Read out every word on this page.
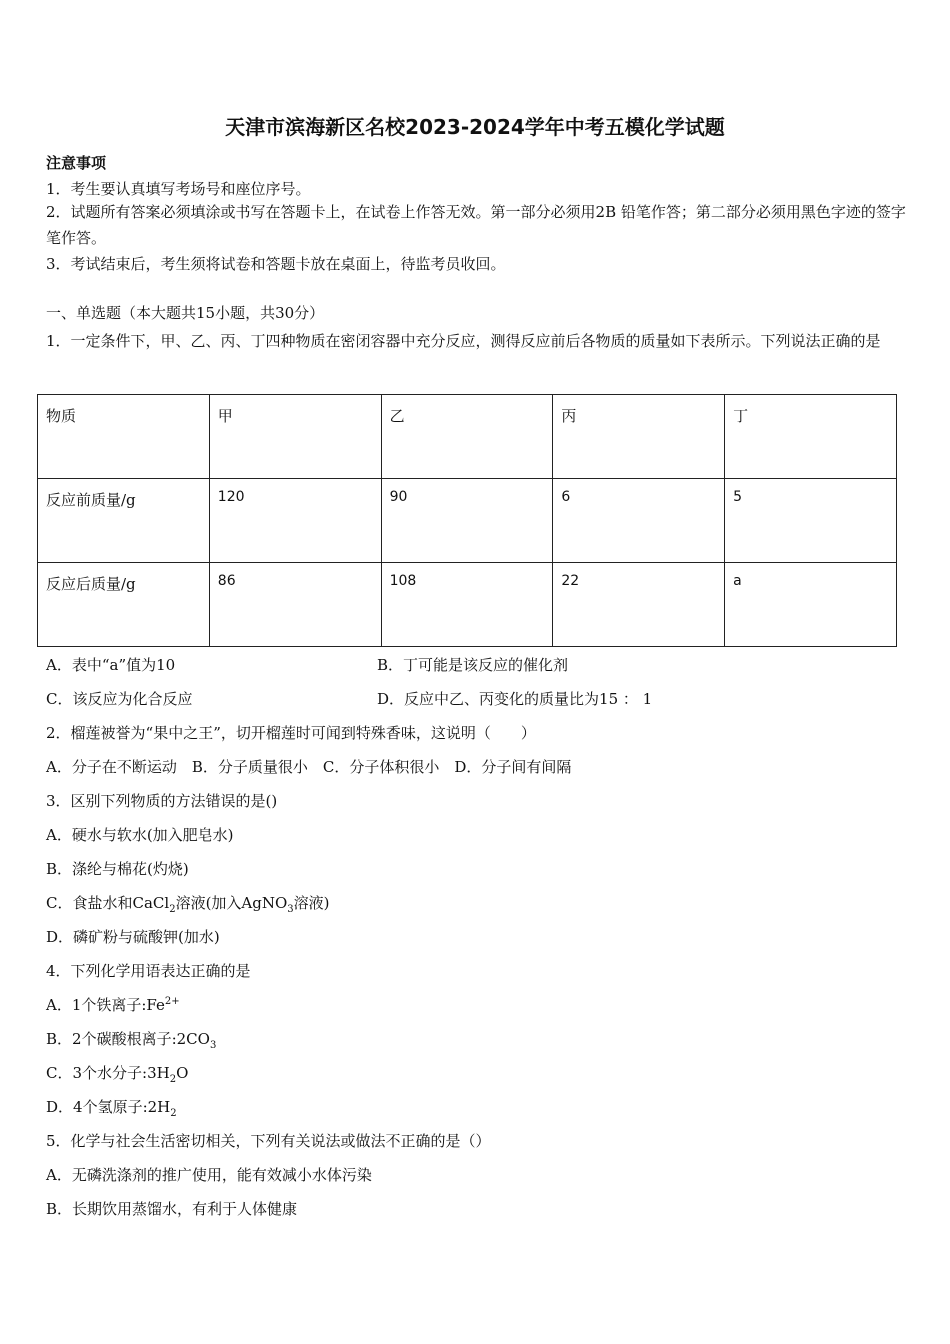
天津市滨海新区名校2023-2024学年中考五模化学试题
注意事项
1．考生要认真填写考场号和座位序号。
2．试题所有答案必须填涂或书写在答题卡上，在试卷上作答无效。第一部分必须用2B 铅笔作答；第二部分必须用黑色字迹的签字笔作答。
3．考试结束后，考生须将试卷和答题卡放在桌面上，待监考员收回。
一、单选题（本大题共15小题，共30分）
1．一定条件下，甲、乙、丙、丁四种物质在密闭容器中充分反应，测得反应前后各物质的质量如下表所示。下列说法正确的是
物质	甲	乙	丙	丁
反应前质量/g	120	90	6	5
反应后质量/g	86	108	22	a
A．表中“a”值为10	B．丁可能是该反应的催化剂
C．该反应为化合反应	D．反应中乙、丙变化的质量比为15 ： 1
2．榴莲被誉为“果中之王”，切开榴莲时可闻到特殊香味，这说明（　　）
A．分子在不断运动　B．分子质量很小　C．分子体积很小　D．分子间有间隔
3．区别下列物质的方法错误的是()
A．硬水与软水(加入肥皂水)
B．涤纶与棉花(灼烧)
C．食盐水和CaCl$_2$溶液(加入AgNO$_3$溶液)
D．磷矿粉与硫酸钾(加水)
4．下列化学用语表达正确的是
A．1个铁离子$:Fe^{2+}$
B．2个碳酸根离子$:2CO_3$
C．3个水分子$:3H_2O$
D．4个氢原子$:2H_2$
5．化学与社会生活密切相关，下列有关说法或做法不正确的是（）
A．无磷洗涤剂的推广使用，能有效减小水体污染
B．长期饮用蒸馏水，有利于人体健康
